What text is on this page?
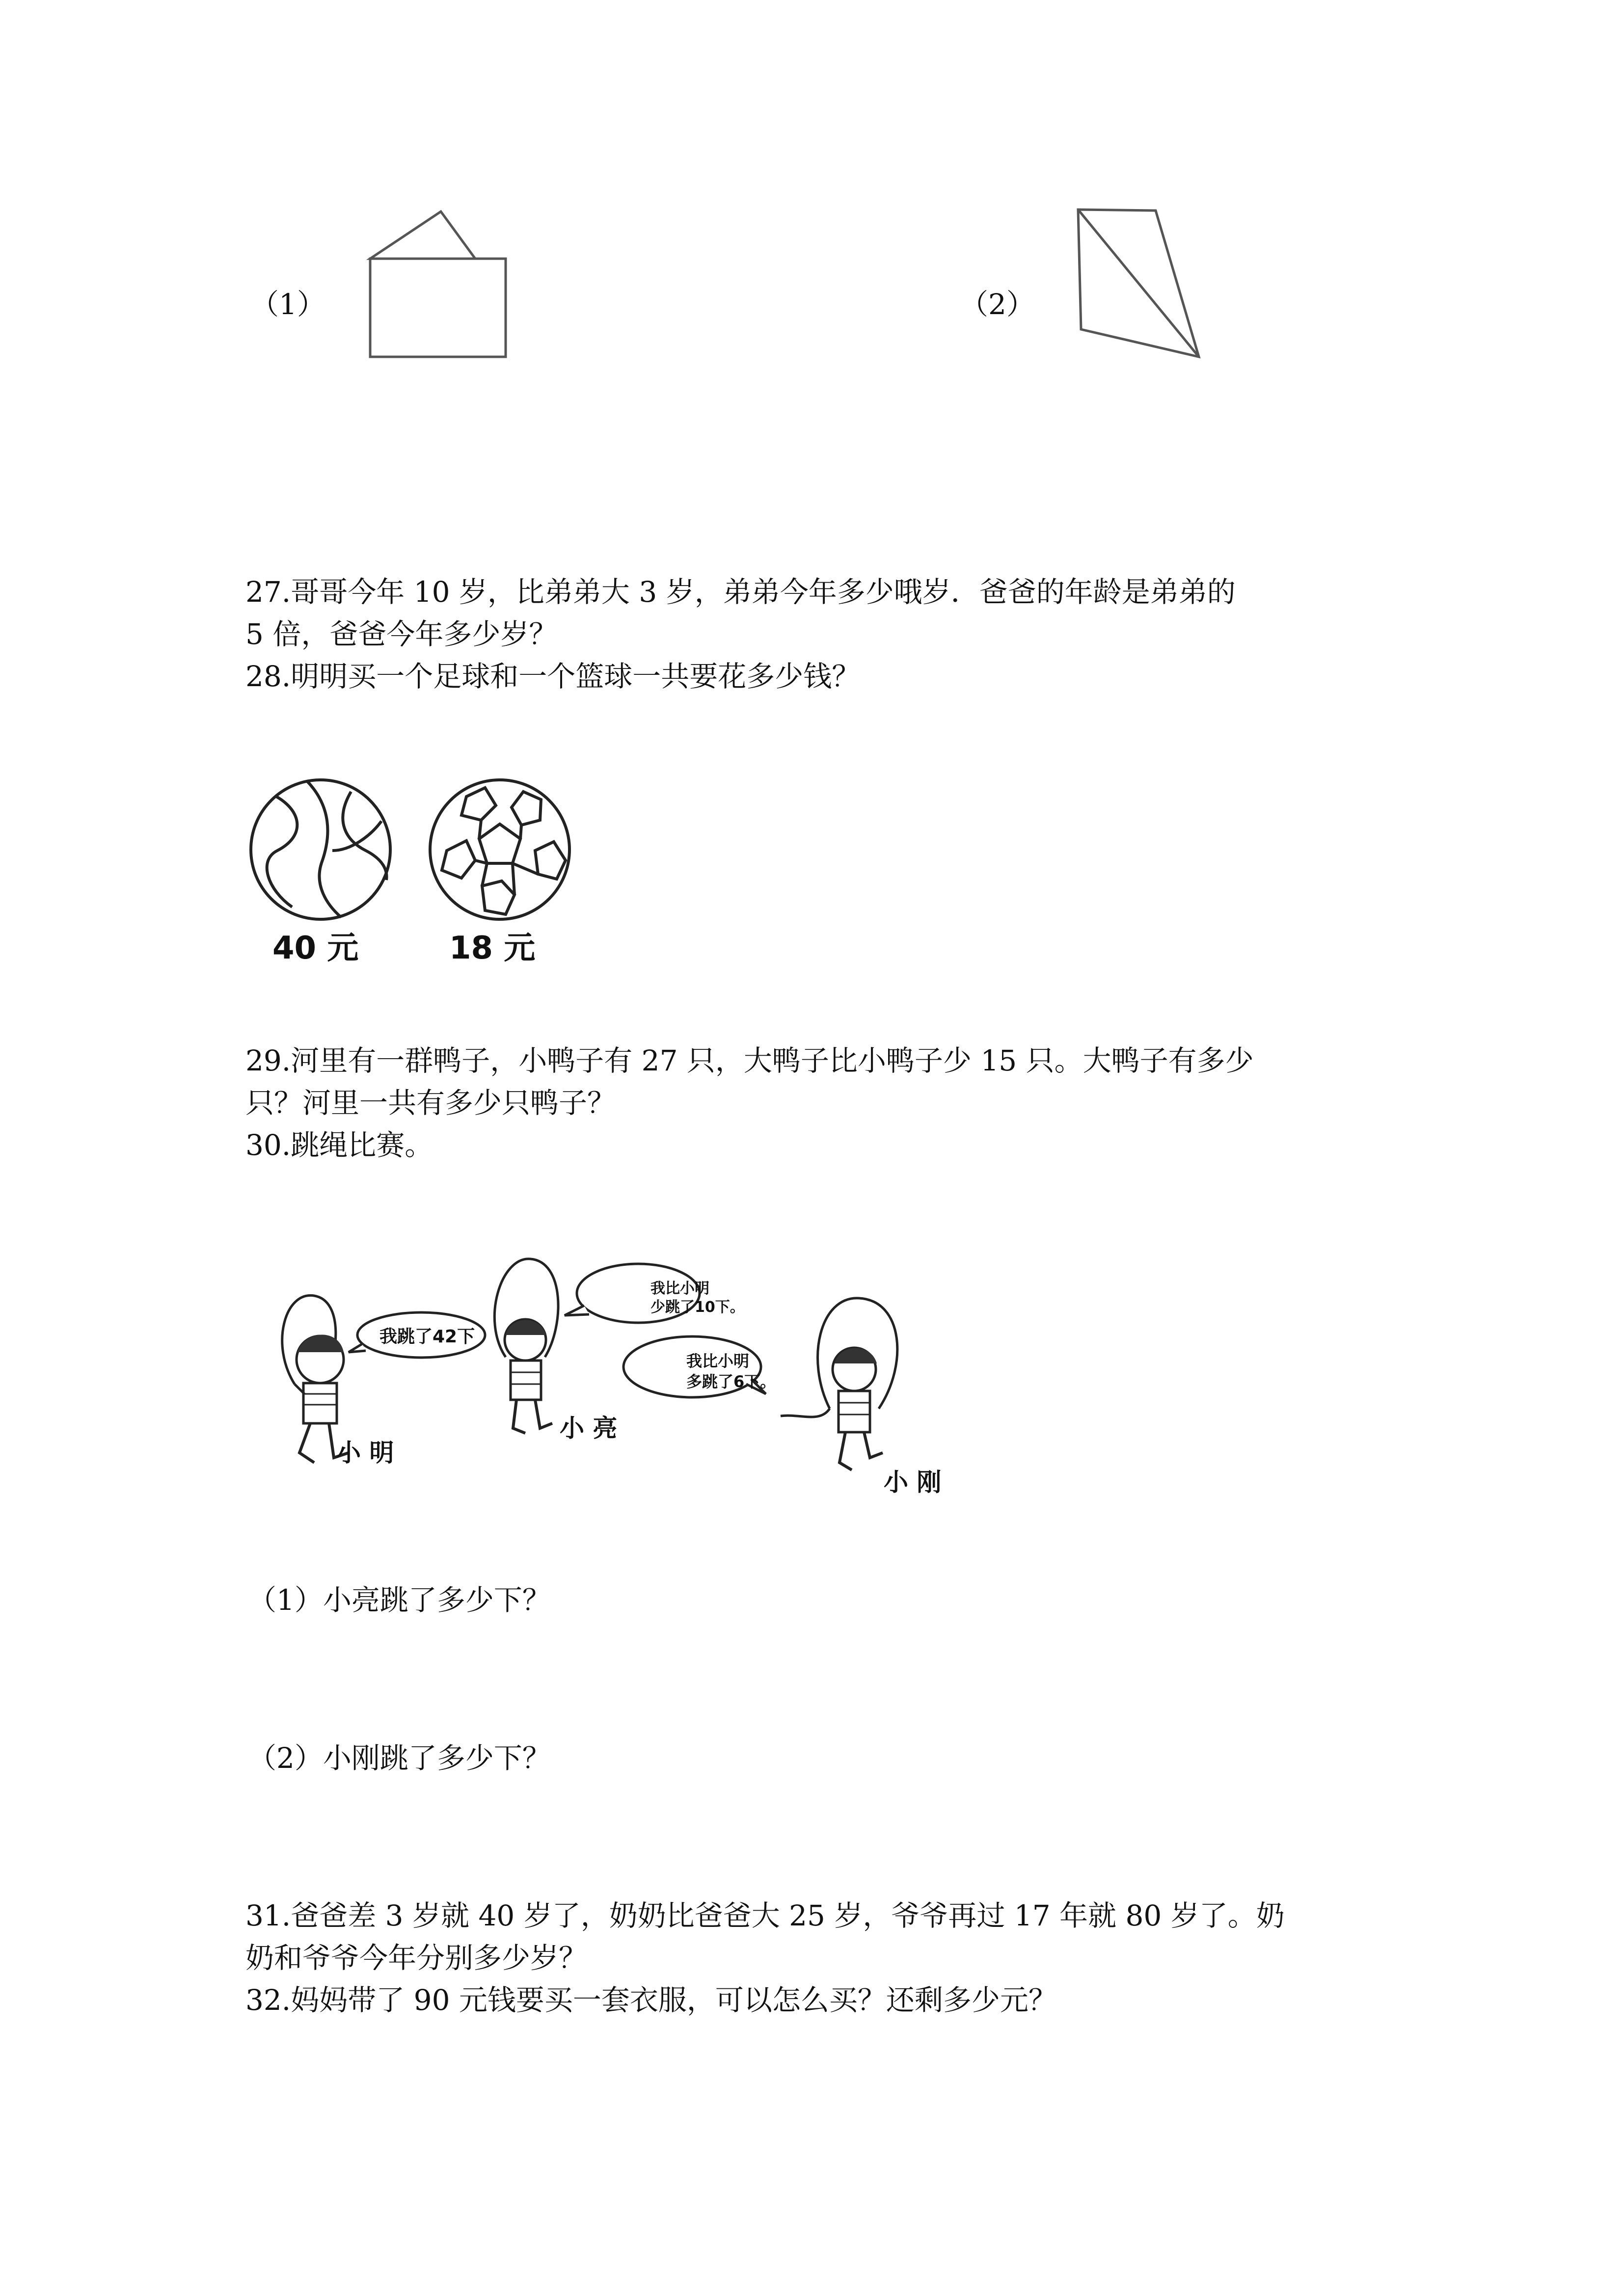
（1）	（2）
27.哥哥今年 10 岁，比弟弟大 3 岁，弟弟今年多少哦岁．爸爸的年龄是弟弟的
5 倍，爸爸今年多少岁？
28.明明买一个足球和一个篮球一共要花多少钱？
40 元	18 元
29.河里有一群鸭子，小鸭子有 27 只，大鸭子比小鸭子少 15 只。大鸭子有多少
只？河里一共有多少只鸭子？
30.跳绳比赛。
我跳了42下
我比小明
少跳了10下。
我比小明
多跳了6下。
小 明
小 亮
小 刚
（1）小亮跳了多少下？
（2）小刚跳了多少下？
31.爸爸差 3 岁就 40 岁了，奶奶比爸爸大 25 岁，爷爷再过 17 年就 80 岁了。奶
奶和爷爷今年分别多少岁？
32.妈妈带了 90 元钱要买一套衣服，可以怎么买？还剩多少元？
